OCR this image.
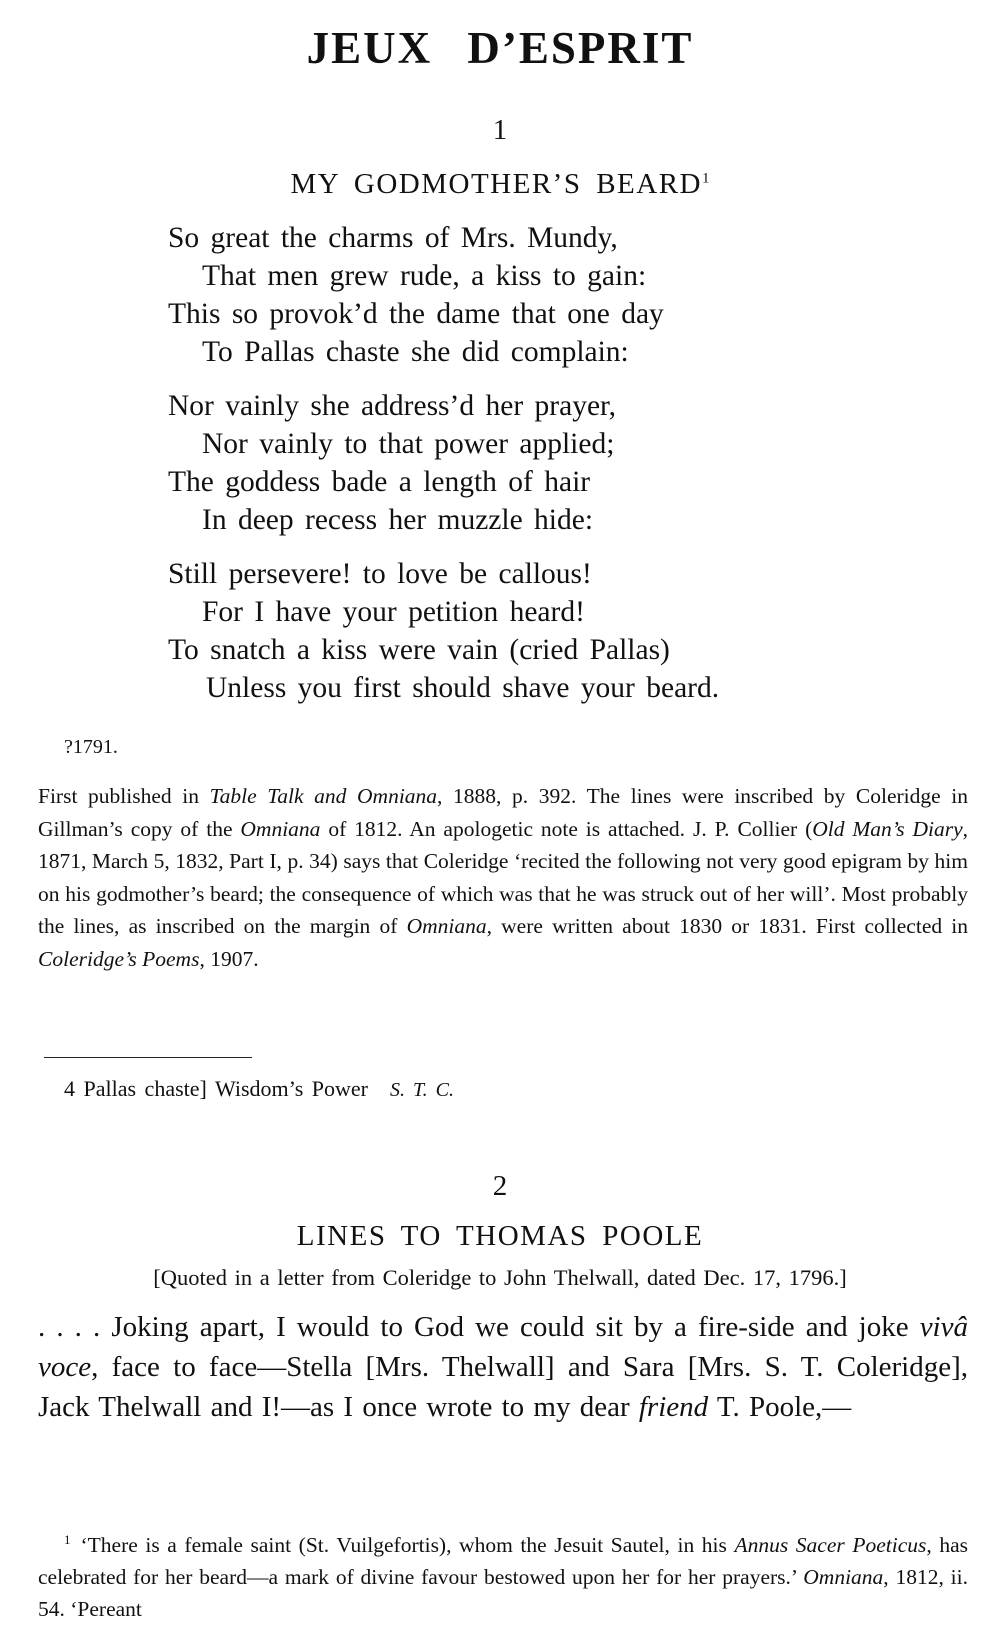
JEUX D’ESPRIT
1
MY GODMOTHER’S BEARD$^1$
So great the charms of Mrs. Mundy,
That men grew rude, a kiss to gain:
This so provok’d the dame that one day
To Pallas chaste she did complain:
Nor vainly she address’d her prayer,
Nor vainly to that power applied;
The goddess bade a length of hair
In deep recess her muzzle hide:
Still persevere! to love be callous!
For I have your petition heard!
To snatch a kiss were vain (cried Pallas)
Unless you first should shave your beard.
?1791.

First published in Table Talk and Omniana, 1888, p. 392. The lines were inscribed by Coleridge in Gillman’s copy of the Omniana of 1812. An apologetic note is attached. J. P. Collier (Old Man’s Diary, 1871, March 5, 1832, Part I, p. 34) says that Coleridge ‘recited the following not very good epigram by him on his godmother’s beard; the consequence of which was that he was struck out of her will’. Most probably the lines, as inscribed on the margin of Omniana, were written about 1830 or 1831. First collected in Coleridge’s Poems, 1907.

4 Pallas chaste] Wisdom’s Power S. T. C.
2
LINES TO THOMAS POOLE
[Quoted in a letter from Coleridge to John Thelwall, dated Dec. 17, 1796.]

. . . . Joking apart, I would to God we could sit by a fire-side and joke vivâ voce, face to face—Stella [Mrs. Thelwall] and Sara [Mrs. S. T. Coleridge], Jack Thelwall and I!—as I once wrote to my dear friend T. Poole,—

$^1$ ‘There is a female saint (St. Vuilgefortis), whom the Jesuit Sautel, in his Annus Sacer Poeticus, has celebrated for her beard—a mark of divine favour bestowed upon her for her prayers.’ Omniana, 1812, ii. 54. ‘Pereant
